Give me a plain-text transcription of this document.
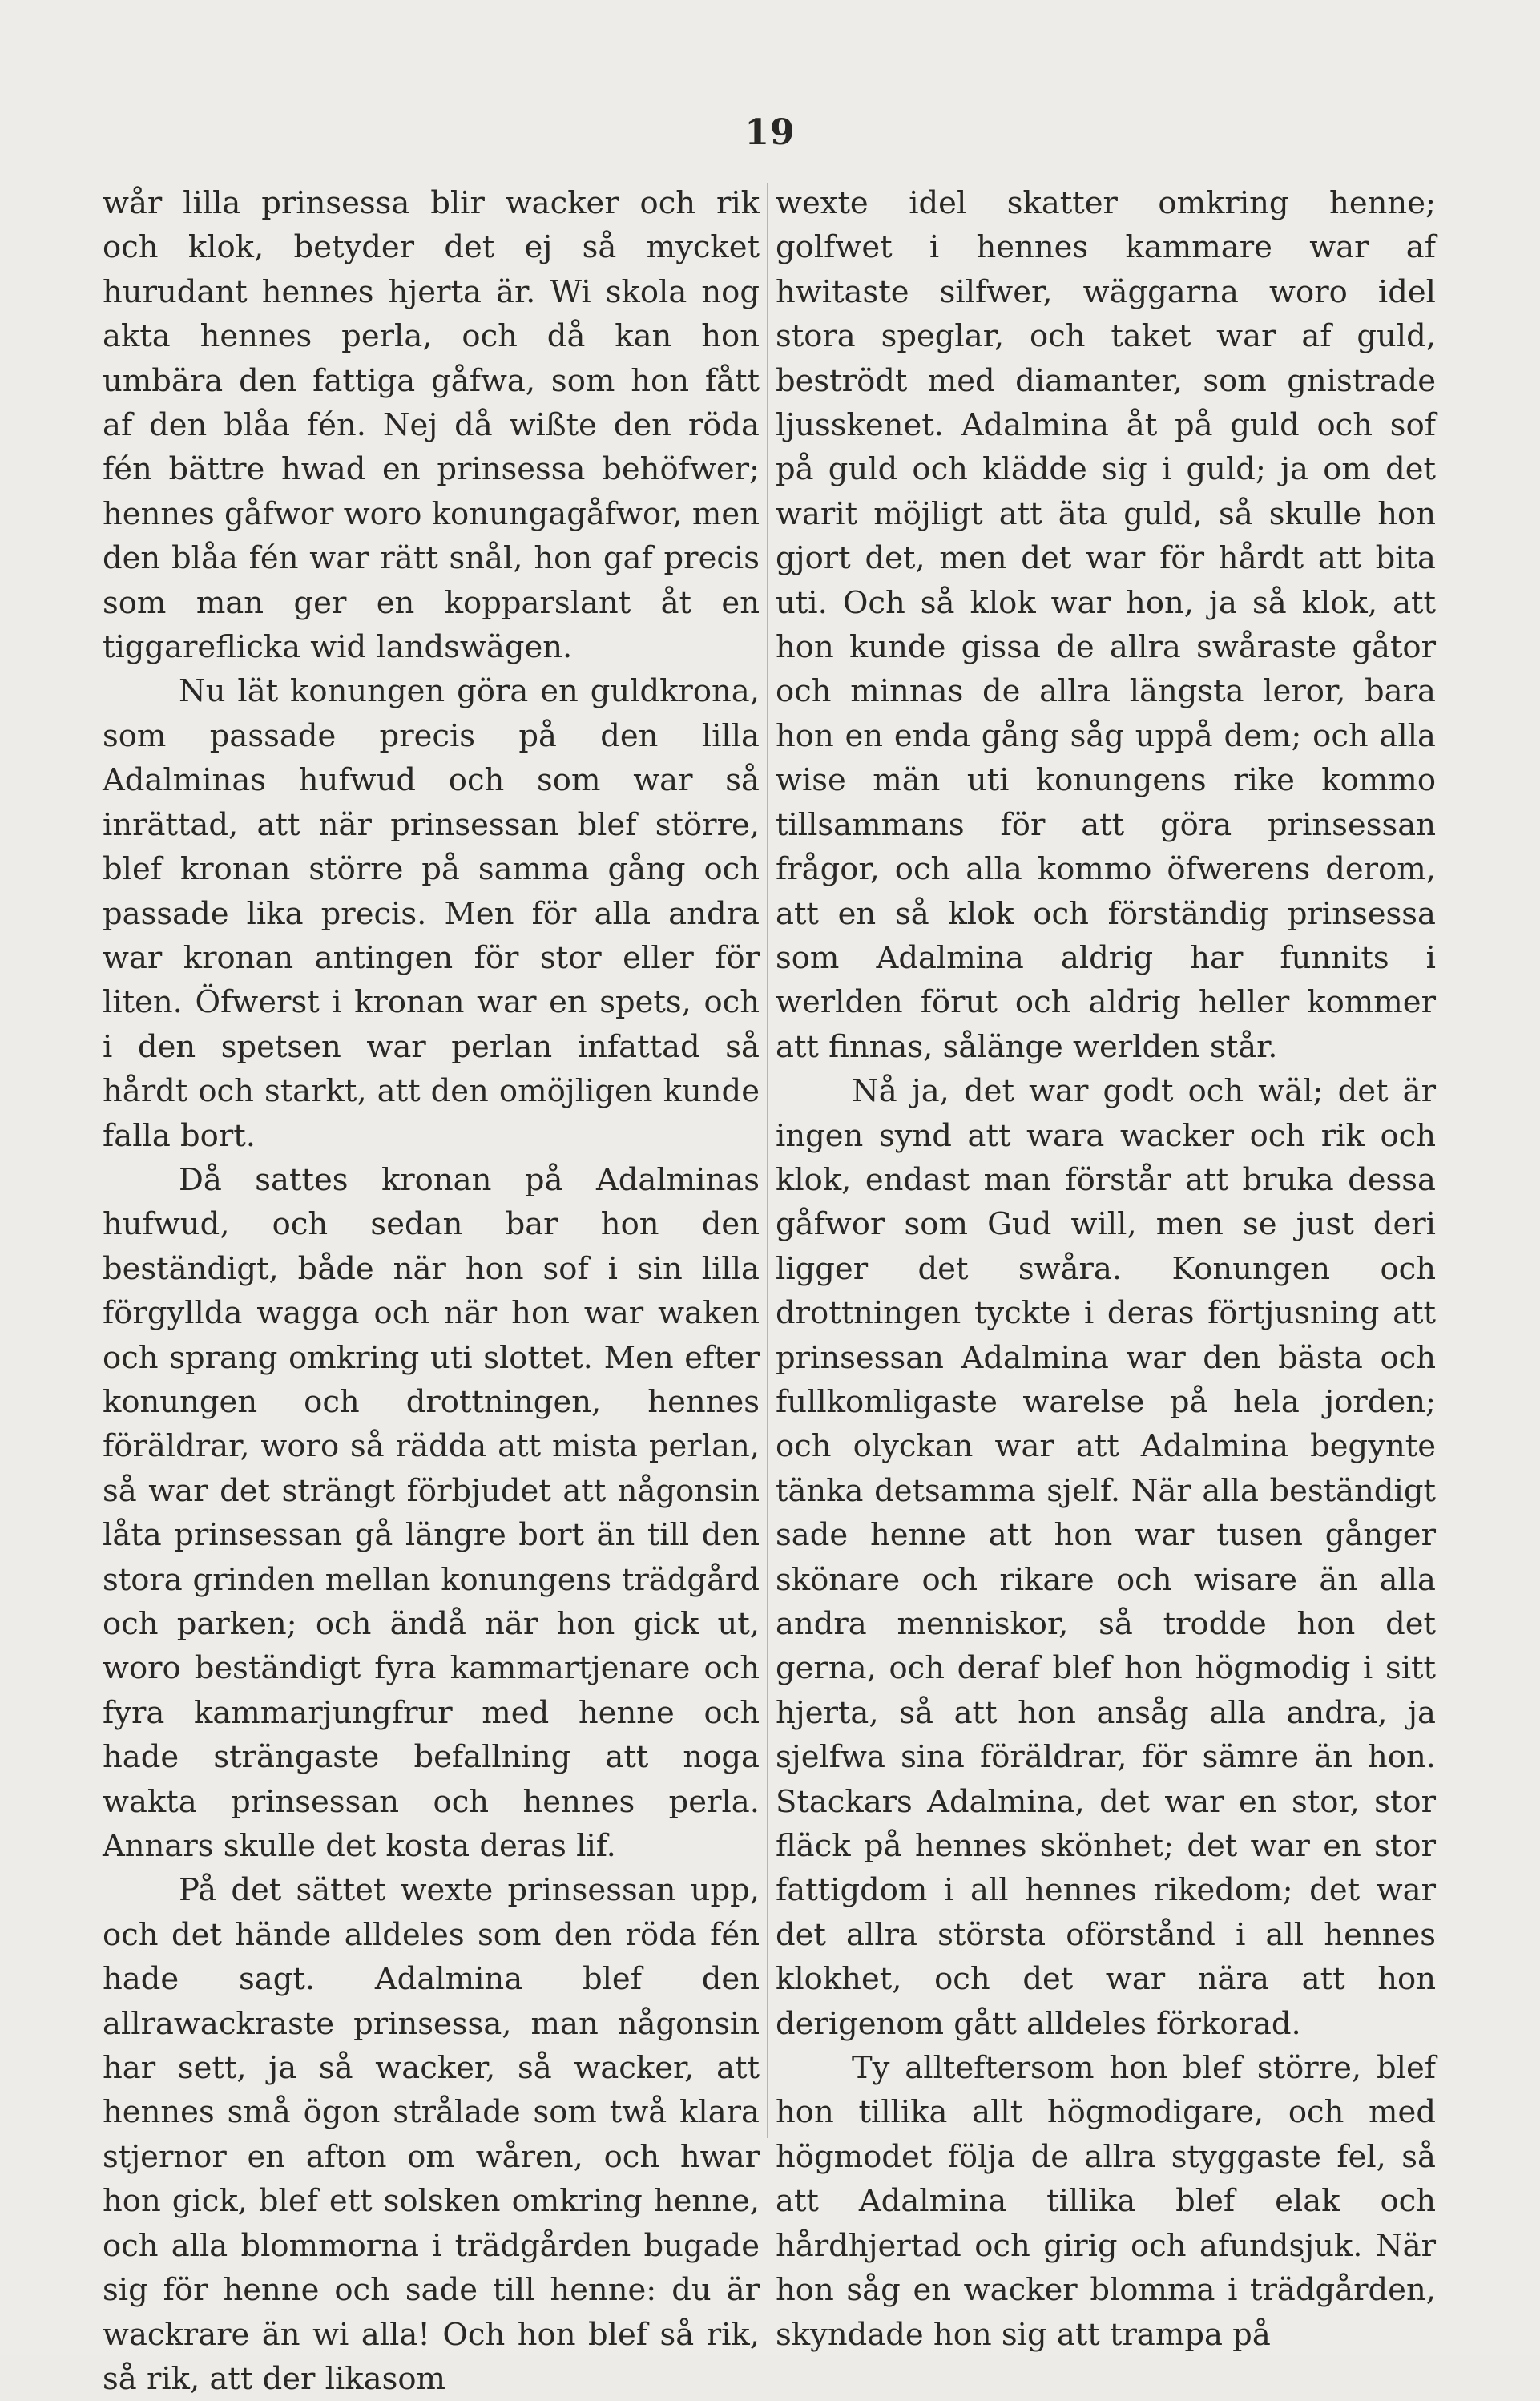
19

wår lilla prinsessa blir wacker och rik och klok, betyder det ej så mycket hurudant hennes hjerta är. Wi skola nog akta hennes perla, och då kan hon umbära den fattiga gåfwa, som hon fått af den blåa fén. Nej då wißte den röda fén bättre hwad en prinsessa behöfwer; hennes gåfwor woro konungagåfwor, men den blåa fén war rätt snål, hon gaf precis som man ger en kopparslant åt en tiggareflicka wid landswägen.

Nu lät konungen göra en guldkrona, som passade precis på den lilla Adalminas hufwud och som war så inrättad, att när prinsessan blef större, blef kronan större på samma gång och passade lika precis. Men för alla andra war kronan antingen för stor eller för liten. Öfwerst i kronan war en spets, och i den spetsen war perlan infattad så hårdt och starkt, att den omöjligen kunde falla bort.

Då sattes kronan på Adalminas hufwud, och sedan bar hon den beständigt, både när hon sof i sin lilla förgyllda wagga och när hon war waken och sprang omkring uti slottet. Men efter konungen och drottningen, hennes föräldrar, woro så rädda att mista perlan, så war det strängt förbjudet att någonsin låta prinsessan gå längre bort än till den stora grinden mellan konungens trädgård och parken; och ändå när hon gick ut, woro beständigt fyra kammartjenare och fyra kammarjungfrur med henne och hade strängaste befallning att noga wakta prinsessan och hennes perla. Annars skulle det kosta deras lif.

På det sättet wexte prinsessan upp, och det hände alldeles som den röda fén hade sagt. Adalmina blef den allrawackraste prinsessa, man någonsin har sett, ja så wacker, så wacker, att hennes små ögon strålade som twå klara stjernor en afton om wåren, och hwar hon gick, blef ett solsken omkring henne, och alla blommorna i trädgården bugade sig för henne och sade till henne: du är wackrare än wi alla! Och hon blef så rik, så rik, att der likasom

wexte idel skatter omkring henne; golfwet i hennes kammare war af hwitaste silfwer, wäggarna woro idel stora speglar, och taket war af guld, beströdt med diamanter, som gnistrade ljusskenet. Adalmina åt på guld och sof på guld och klädde sig i guld; ja om det warit möjligt att äta guld, så skulle hon gjort det, men det war för hårdt att bita uti. Och så klok war hon, ja så klok, att hon kunde gissa de allra swåraste gåtor och minnas de allra längsta leror, bara hon en enda gång såg uppå dem; och alla wise män uti konungens rike kommo tillsammans för att göra prinsessan frågor, och alla kommo öfwerens derom, att en så klok och förständig prinsessa som Adalmina aldrig har funnits i werlden förut och aldrig heller kommer att finnas, sålänge werlden står.

Nå ja, det war godt och wäl; det är ingen synd att wara wacker och rik och klok, endast man förstår att bruka dessa gåfwor som Gud will, men se just deri ligger det swåra. Konungen och drottningen tyckte i deras förtjusning att prinsessan Adalmina war den bästa och fullkomligaste warelse på hela jorden; och olyckan war att Adalmina begynte tänka detsamma sjelf. När alla beständigt sade henne att hon war tusen gånger skönare och rikare och wisare än alla andra menniskor, så trodde hon det gerna, och deraf blef hon högmodig i sitt hjerta, så att hon ansåg alla andra, ja sjelfwa sina föräldrar, för sämre än hon. Stackars Adalmina, det war en stor, stor fläck på hennes skönhet; det war en stor fattigdom i all hennes rikedom; det war det allra största oförstånd i all hennes klokhet, och det war nära att hon derigenom gått alldeles förkorad.

Ty allteftersom hon blef större, blef hon tillika allt högmodigare, och med högmodet följa de allra styggaste fel, så att Adalmina tillika blef elak och hårdhjertad och girig och afundsjuk. När hon såg en wacker blomma i trädgården, skyndade hon sig att trampa på
